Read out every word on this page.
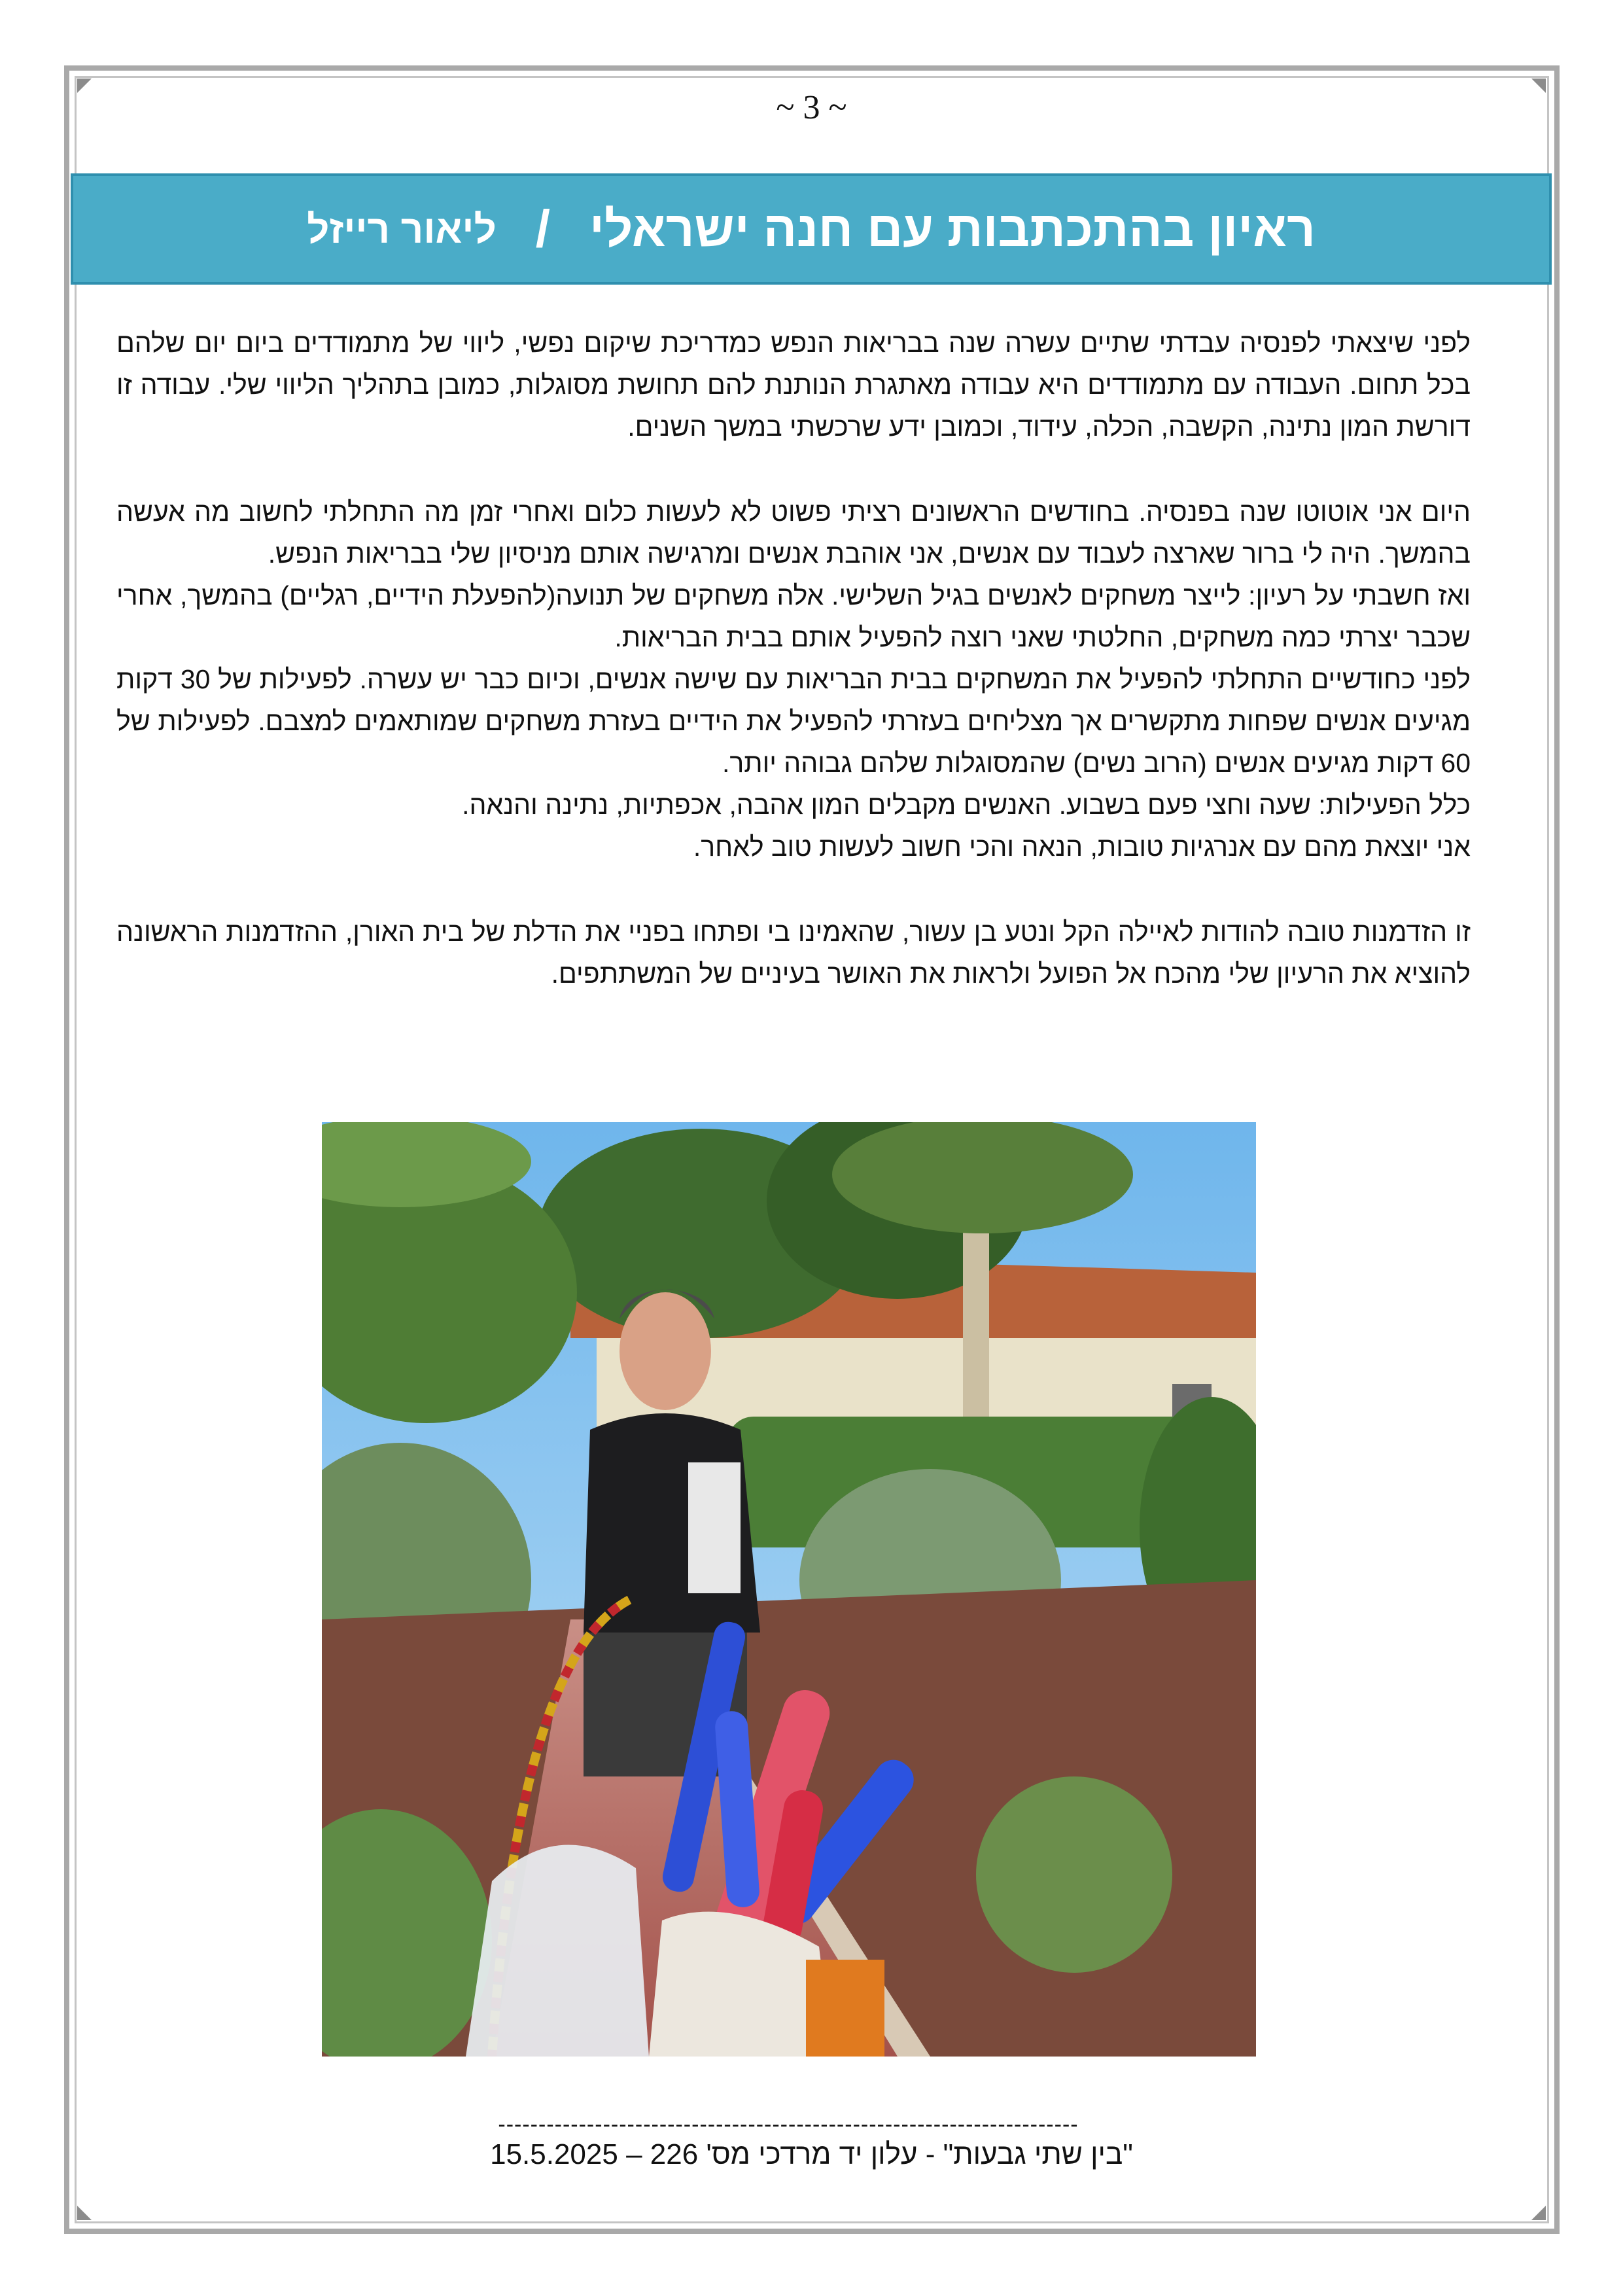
~ 3 ~
ראיון בהתכתבות עם חנה ישראלי
/
ליאור רייזל

לפני שיצאתי לפנסיה עבדתי שתיים עשרה שנה בבריאות הנפש כמדריכת שיקום נפשי, ליווי של מתמודדים ביום יום שלהם בכל תחום. העבודה עם מתמודדים היא עבודה מאתגרת הנותנת להם תחושת מסוגלות, כמובן בתהליך הליווי שלי. עבודה זו דורשת המון נתינה, הקשבה, הכלה, עידוד, וכמובן ידע שרכשתי במשך השנים.

היום אני אוטוטו שנה בפנסיה. בחודשים הראשונים רציתי פשוט לא לעשות כלום ואחרי זמן מה התחלתי לחשוב מה אעשה בהמשך. היה לי ברור שארצה לעבוד עם אנשים, אני אוהבת אנשים ומרגישה אותם מניסיון שלי בבריאות הנפש.

ואז חשבתי על רעיון: לייצר משחקים לאנשים בגיל השלישי. אלה משחקים של תנועה(להפעלת הידיים, רגליים) בהמשך, אחרי שכבר יצרתי כמה משחקים, החלטתי שאני רוצה להפעיל אותם בבית הבריאות.

לפני כחודשיים התחלתי להפעיל את המשחקים בבית הבריאות עם שישה אנשים, וכיום כבר יש עשרה. לפעילות של 30 דקות מגיעים אנשים שפחות מתקשרים אך מצליחים בעזרתי להפעיל את הידיים בעזרת משחקים שמותאמים למצבם. לפעילות של 60 דקות מגיעים אנשים (הרוב נשים) שהמסוגלות שלהם גבוהה יותר.

כלל הפעילות: שעה וחצי פעם בשבוע. האנשים מקבלים המון אהבה, אכפתיות, נתינה והנאה.

אני יוצאת מהם עם אנרגיות טובות, הנאה והכי חשוב לעשות טוב לאחר.

זו הזדמנות טובה להודות לאיילה הקל ונטע בן עשור, שהאמינו בי ופתחו בפניי את הדלת של בית האורן, ההזדמנות הראשונה להוציא את הרעיון שלי מהכח אל הפועל ולראות את האושר בעיניים של המשתתפים.

------------------------------------------------------------------------
"בין שתי גבעות" - עלון יד מרדכי מס' 226 – 15.5.2025
